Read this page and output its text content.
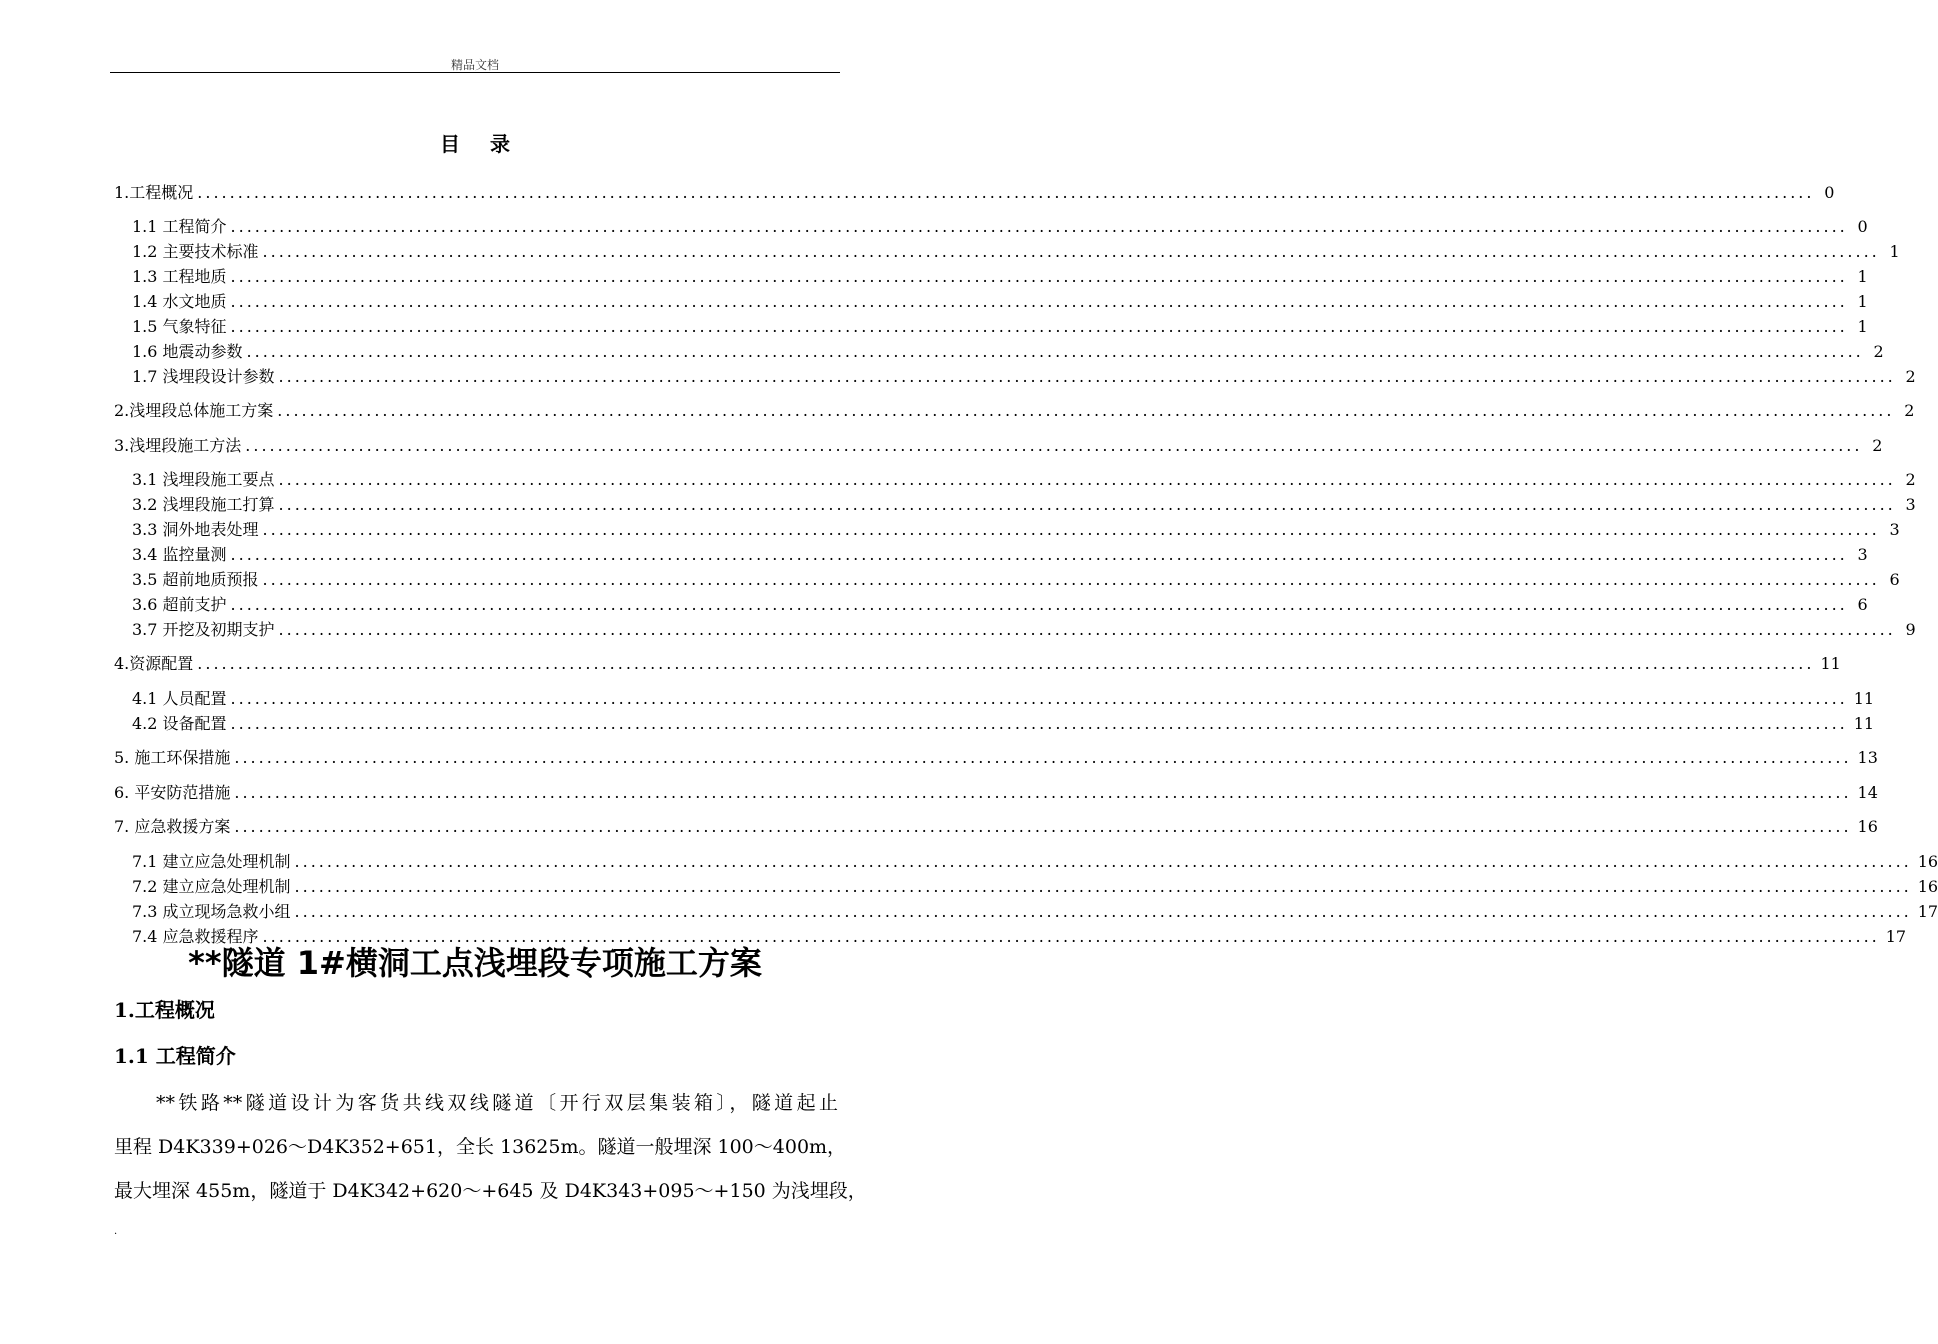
精品文档
目录
1.工程概况 ........................................................................................................................................................................................................ 0
1.1 工程简介 ........................................................................................................................................................................................................ 0
1.2 主要技术标准 ........................................................................................................................................................................................................ 1
1.3 工程地质 ........................................................................................................................................................................................................ 1
1.4 水文地质 ........................................................................................................................................................................................................ 1
1.5 气象特征 ........................................................................................................................................................................................................ 1
1.6 地震动参数 ........................................................................................................................................................................................................ 2
1.7 浅埋段设计参数 ........................................................................................................................................................................................................ 2
2.浅埋段总体施工方案 ........................................................................................................................................................................................................ 2
3.浅埋段施工方法 ........................................................................................................................................................................................................ 2
3.1 浅埋段施工要点 ........................................................................................................................................................................................................ 2
3.2 浅埋段施工打算 ........................................................................................................................................................................................................ 3
3.3 洞外地表处理 ........................................................................................................................................................................................................ 3
3.4 监控量测 ........................................................................................................................................................................................................ 3
3.5 超前地质预报 ........................................................................................................................................................................................................ 6
3.6 超前支护 ........................................................................................................................................................................................................ 6
3.7 开挖及初期支护 ........................................................................................................................................................................................................ 9
4.资源配置 ........................................................................................................................................................................................................ 11
4.1 人员配置 ........................................................................................................................................................................................................ 11
4.2 设备配置 ........................................................................................................................................................................................................ 11
5. 施工环保措施 ........................................................................................................................................................................................................ 13
6. 平安防范措施 ........................................................................................................................................................................................................ 14
7. 应急救援方案 ........................................................................................................................................................................................................ 16
7.1 建立应急处理机制 ........................................................................................................................................................................................................ 16
7.2 建立应急处理机制 ........................................................................................................................................................................................................ 16
7.3 成立现场急救小组 ........................................................................................................................................................................................................ 17
7.4 应急救援程序 ........................................................................................................................................................................................................ 17
**隧道 1#横洞工点浅埋段专项施工方案
1.工程概况
1.1 工程简介
**铁路**隧道设计为客货共线双线隧道〔开行双层集装箱〕，隧道起止
里程 D4K339+026～D4K352+651，全长 13625m。隧道一般埋深 100～400m，
最大埋深 455m，隧道于 D4K342+620～+645 及 D4K343+095～+150 为浅埋段，
.
